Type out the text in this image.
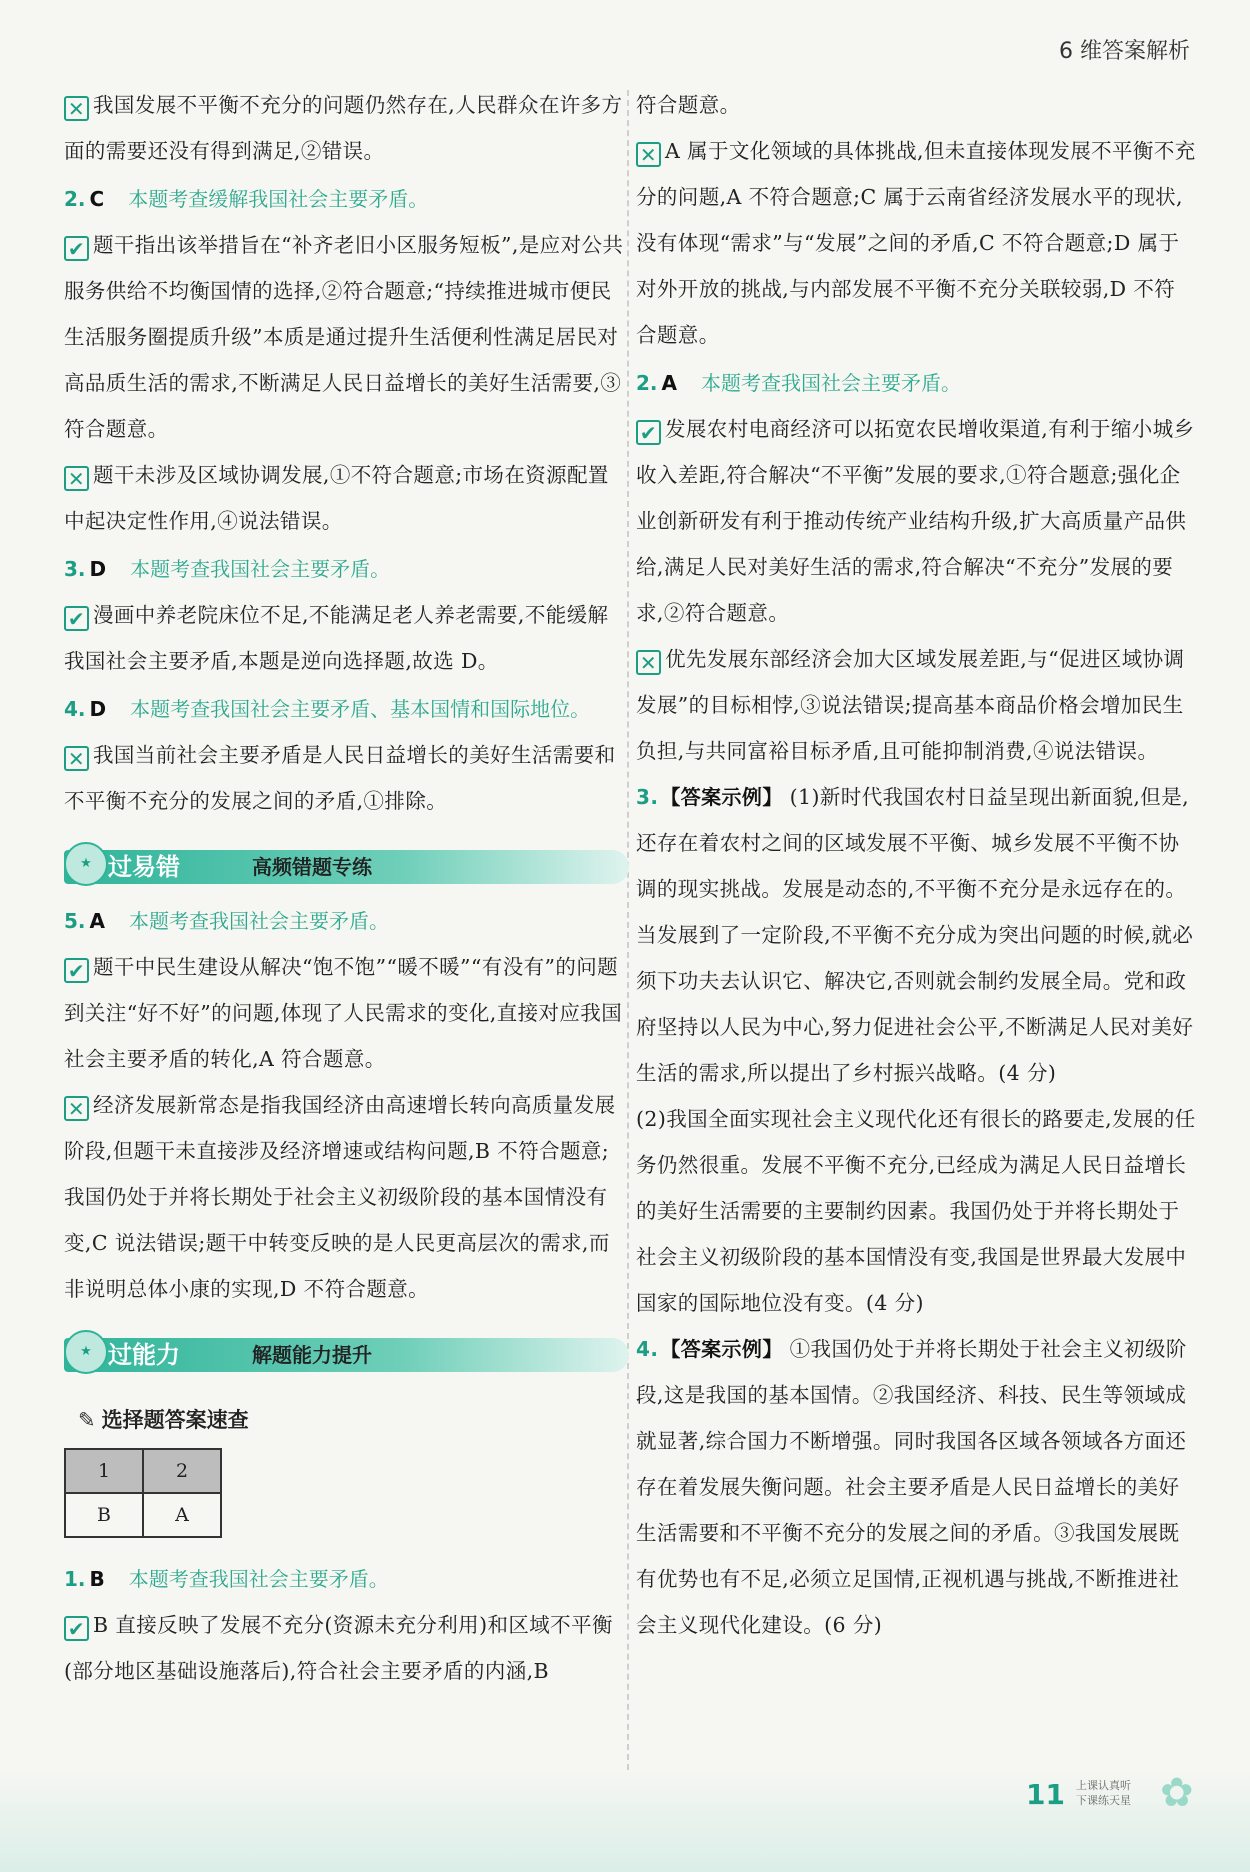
6 维答案解析

✕ 我国发展不平衡不充分的问题仍然存在,人民群众在许多方面的需要还没有得到满足,②错误。

2. C 本题考查缓解我国社会主要矛盾。

✔ 题干指出该举措旨在“补齐老旧小区服务短板”,是应对公共服务供给不均衡国情的选择,②符合题意;“持续推进城市便民生活服务圈提质升级”本质是通过提升生活便利性满足居民对高品质生活的需求,不断满足人民日益增长的美好生活需要,③符合题意。

✕ 题干未涉及区域协调发展,①不符合题意;市场在资源配置中起决定性作用,④说法错误。

3. D 本题考查我国社会主要矛盾。

✔ 漫画中养老院床位不足,不能满足老人养老需要,不能缓解我国社会主要矛盾,本题是逆向选择题,故选 D。

4. D 本题考查我国社会主要矛盾、基本国情和国际地位。

✕ 我国当前社会主要矛盾是人民日益增长的美好生活需要和不平衡不充分的发展之间的矛盾,①排除。

★ 过易错	高频错题专练
5. A 本题考查我国社会主要矛盾。

✔ 题干中民生建设从解决“饱不饱”“暖不暖”“有没有”的问题到关注“好不好”的问题,体现了人民需求的变化,直接对应我国社会主要矛盾的转化,A 符合题意。

✕ 经济发展新常态是指我国经济由高速增长转向高质量发展阶段,但题干未直接涉及经济增速或结构问题,B 不符合题意;我国仍处于并将长期处于社会主义初级阶段的基本国情没有变,C 说法错误;题干中转变反映的是人民更高层次的需求,而非说明总体小康的实现,D 不符合题意。

★ 过能力	解题能力提升
✎ 选择题答案速查
1	2
B	A
1. B 本题考查我国社会主要矛盾。

✔ B 直接反映了发展不充分(资源未充分利用)和区域不平衡(部分地区基础设施落后),符合社会主要矛盾的内涵,B

符合题意。

✕ A 属于文化领域的具体挑战,但未直接体现发展不平衡不充分的问题,A 不符合题意;C 属于云南省经济发展水平的现状,没有体现“需求”与“发展”之间的矛盾,C 不符合题意;D 属于对外开放的挑战,与内部发展不平衡不充分关联较弱,D 不符合题意。

2. A 本题考查我国社会主要矛盾。

✔ 发展农村电商经济可以拓宽农民增收渠道,有利于缩小城乡收入差距,符合解决“不平衡”发展的要求,①符合题意;强化企业创新研发有利于推动传统产业结构升级,扩大高质量产品供给,满足人民对美好生活的需求,符合解决“不充分”发展的要求,②符合题意。

✕ 优先发展东部经济会加大区域发展差距,与“促进区域协调发展”的目标相悖,③说法错误;提高基本商品价格会增加民生负担,与共同富裕目标矛盾,且可能抑制消费,④说法错误。

3. 【答案示例】 (1)新时代我国农村日益呈现出新面貌,但是,还存在着农村之间的区域发展不平衡、城乡发展不平衡不协调的现实挑战。发展是动态的,不平衡不充分是永远存在的。当发展到了一定阶段,不平衡不充分成为突出问题的时候,就必须下功夫去认识它、解决它,否则就会制约发展全局。党和政府坚持以人民为中心,努力促进社会公平,不断满足人民对美好生活的需求,所以提出了乡村振兴战略。(4 分)

(2)我国全面实现社会主义现代化还有很长的路要走,发展的任务仍然很重。发展不平衡不充分,已经成为满足人民日益增长的美好生活需要的主要制约因素。我国仍处于并将长期处于社会主义初级阶段的基本国情没有变,我国是世界最大发展中国家的国际地位没有变。(4 分)

4. 【答案示例】 ①我国仍处于并将长期处于社会主义初级阶段,这是我国的基本国情。②我国经济、科技、民生等领域成就显著,综合国力不断增强。同时我国各区域各领域各方面还存在着发展失衡问题。社会主要矛盾是人民日益增长的美好生活需要和不平衡不充分的发展之间的矛盾。③我国发展既有优势也有不足,必须立足国情,正视机遇与挑战,不断推进社会主义现代化建设。(6 分)

11 上课认真听
下课练天星 ✿
